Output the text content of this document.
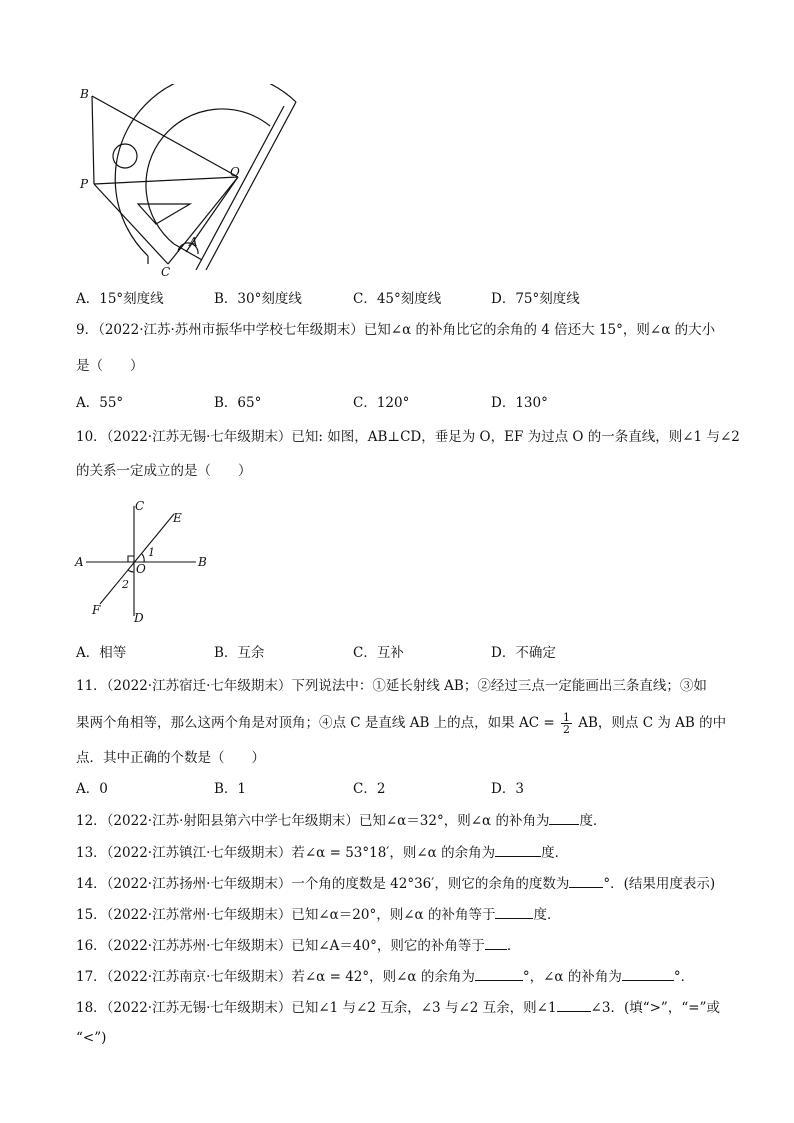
B
P
O
A
C
A．15°刻度线	B．30°刻度线	C．45°刻度线	D．75°刻度线
9．（2022·江苏·苏州市振华中学校七年级期末）已知∠α 的补角比它的余角的 4 倍还大 15°，则∠α 的大小
是（　　）
A．55°	B．65°	C．120°	D．130°
10．（2022·江苏无锡·七年级期末）已知: 如图，AB⊥CD，垂足为 O，EF 为过点 O 的一条直线，则∠1 与∠2
的关系一定成立的是（　　）
C
E
A	B
O
F
D
1
2
A．相等	B．互余	C．互补	D．不确定
11．（2022·江苏宿迁·七年级期末）下列说法中：①延长射线 AB；②经过三点一定能画出三条直线；③如
果两个角相等，那么这两个角是对顶角；④点 C 是直线 AB 上的点，如果 AC = $\frac{1}{2}$ AB，则点 C 为 AB 的中
点．其中正确的个数是（　　）
A．0	B．1	C．2	D．3
12．（2022·江苏·射阳县第六中学七年级期末）已知∠α＝32°，则∠α 的补角为 度．
13．（2022·江苏镇江·七年级期末）若∠α = 53°18′，则∠α 的余角为	度．
14．（2022·江苏扬州·七年级期末）一个角的度数是 42°36′，则它的余角的度数为	°．(结果用度表示)
15．（2022·江苏常州·七年级期末）已知∠α＝20°，则∠α 的补角等于	度．
16．（2022·江苏苏州·七年级期末）已知∠A＝40°，则它的补角等于 ．
17．（2022·江苏南京·七年级期末）若∠α = 42°，则∠α 的余角为	°，∠α 的补角为	°．
18．（2022·江苏无锡·七年级期末）已知∠1 与∠2 互余，∠3 与∠2 互余，则∠1	∠3．(填“>”，“=”或
“<”)
